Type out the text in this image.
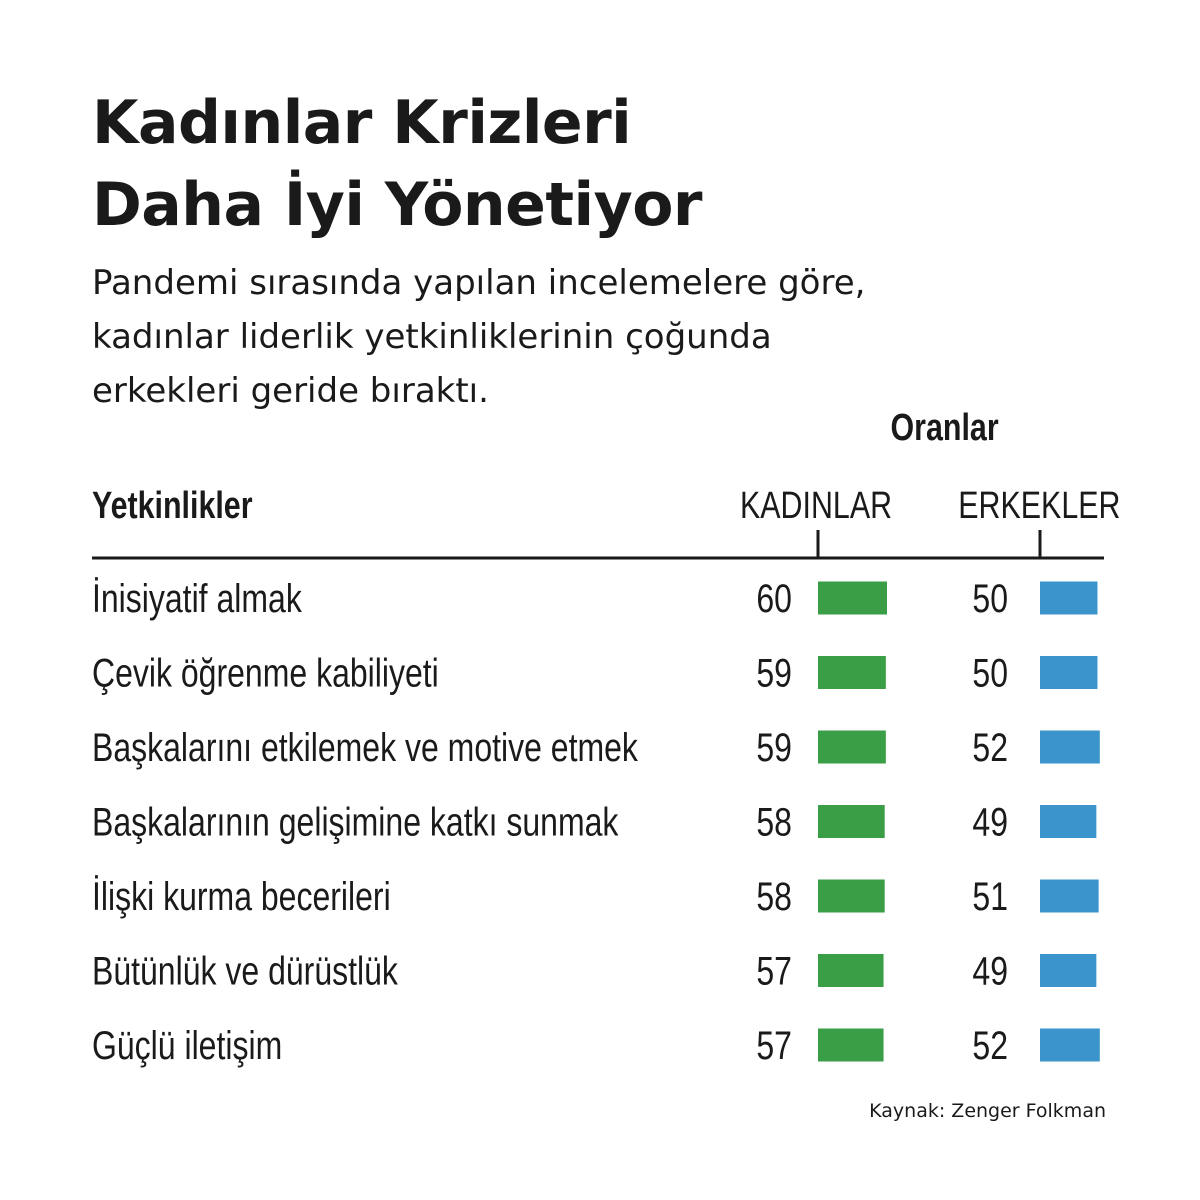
Kadınlar Krizleri
Daha İyi Yönetiyor

Pandemi sırasında yapılan incelemelere göre,
kadınlar liderlik yetkinliklerinin çoğunda
erkekleri geride bıraktı.

Oranlar
Yetkinlikler	KADINLAR	ERKEKLER
İnisiyatif almak	60	50
Çevik öğrenme kabiliyeti	59	50
Başkalarını etkilemek ve motive etmek	59	52
Başkalarının gelişimine katkı sunmak	58	49
İlişki kurma becerileri	58	51
Bütünlük ve dürüstlük	57	49
Güçlü iletişim	57	52
Kaynak: Zenger Folkman
